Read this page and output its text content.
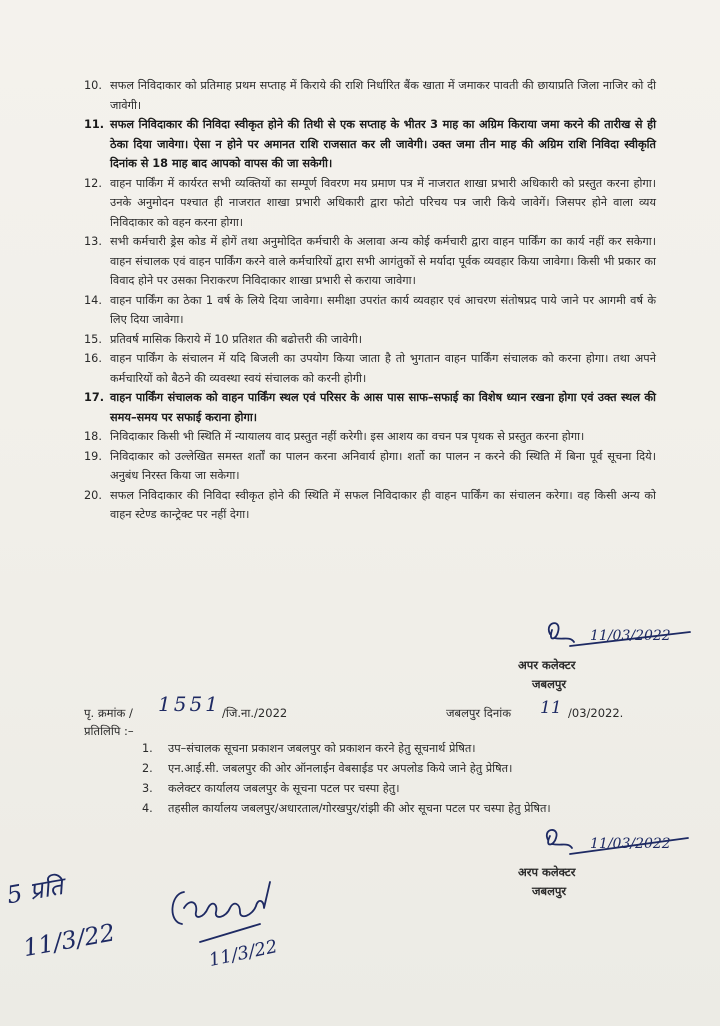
10. सफल निविदाकार को प्रतिमाह प्रथम सप्ताह में किराये की राशि निर्धारित बैंक खाता में जमाकर पावती की छायाप्रति जिला नाजिर को दी जावेगी।
11. सफल निविदाकार की निविदा स्वीकृत होने की तिथी से एक सप्ताह के भीतर 3 माह का अग्रिम किराया जमा करने की तारीख से ही ठेका दिया जावेगा। ऐसा न होने पर अमानत राशि राजसात कर ली जावेगी। उक्त जमा तीन माह की अग्रिम राशि निविदा स्वीकृति दिनांक से 18 माह बाद आपको वापस की जा सकेगी।
12. वाहन पार्किंग में कार्यरत सभी व्यक्तियों का सम्पूर्ण विवरण मय प्रमाण पत्र में नाजरात शाखा प्रभारी अधिकारी को प्रस्तुत करना होगा। उनके अनुमोदन पश्चात ही नाजरात शाखा प्रभारी अधिकारी द्वारा फोटो परिचय पत्र जारी किये जावेगें। जिसपर होने वाला व्यय निविदाकार को वहन करना होगा।
13. सभी कर्मचारी ड्रेस कोड में होगें तथा अनुमोदित कर्मचारी के अलावा अन्य कोई कर्मचारी द्वारा वाहन पार्किंग का कार्य नहीं कर सकेगा। वाहन संचालक एवं वाहन पार्किंग करने वाले कर्मचारियों द्वारा सभी आगंतुकों से मर्यादा पूर्वक व्यवहार किया जावेगा। किसी भी प्रकार का विवाद होने पर उसका निराकरण निविदाकार शाखा प्रभारी से कराया जावेगा।
14. वाहन पार्किंग का ठेका 1 वर्ष के लिये दिया जावेगा। समीक्षा उपरांत कार्य व्यवहार एवं आचरण संतोषप्रद पाये जाने पर आगमी वर्ष के लिए दिया जावेगा।
15. प्रतिवर्ष मासिक किराये में 10 प्रतिशत की बढोत्तरी की जावेगी।
16. वाहन पार्किंग के संचालन में यदि बिजली का उपयोग किया जाता है तो भुगतान वाहन पार्किंग संचालक को करना होगा। तथा अपने कर्मचारियों को बैठने की व्यवस्था स्वयं संचालक को करनी होगी।
17. वाहन पार्किंग संचालक को वाहन पार्किंग स्थल एवं परिसर के आस पास साफ–सफाई का विशेष ध्यान रखना होगा एवं उक्त स्थल की समय–समय पर सफाई कराना होगा।
18. निविदाकार किसी भी स्थिति में न्यायालय वाद प्रस्तुत नहीं करेगी। इस आशय का वचन पत्र पृथक से प्रस्तुत करना होगा।
19. निविदाकार को उल्लेखित समस्त शर्तों का पालन करना अनिवार्य होगा। शर्तो का पालन न करने की स्थिति में बिना पूर्व सूचना दिये। अनुबंध निरस्त किया जा सकेगा।
20. सफल निविदाकार की निविदा स्वीकृत होने की स्थिति में सफल निविदाकार ही वाहन पार्किंग का संचालन करेगा। वह किसी अन्य को वाहन स्टेण्ड कान्ट्रेक्ट पर नहीं देगा।
11/03/2022
अपर कलेक्टर
जबलपुर
पृ. क्रमांक / 1551 /जि.ना./2022	जबलपुर दिनांक 11 /03/2022.
प्रतिलिपि :–
1. उप–संचालक सूचना प्रकाशन जबलपुर को प्रकाशन करने हेतु सूचनार्थ प्रेषित।
2. एन.आई.सी. जबलपुर की ओर ऑनलाईन वेबसाईड पर अपलोड किये जाने हेतु प्रेषित।
3. कलेक्टर कार्यालय जबलपुर के सूचना पटल पर चस्पा हेतु।
4. तहसील कार्यालय जबलपुर/अधारताल/गोरखपुर/रांझी की ओर सूचना पटल पर चस्पा हेतु प्रेषित।
11/03/2022
अरप कलेक्टर
जबलपुर
5 प्रति
11/3/22	11/3/22
